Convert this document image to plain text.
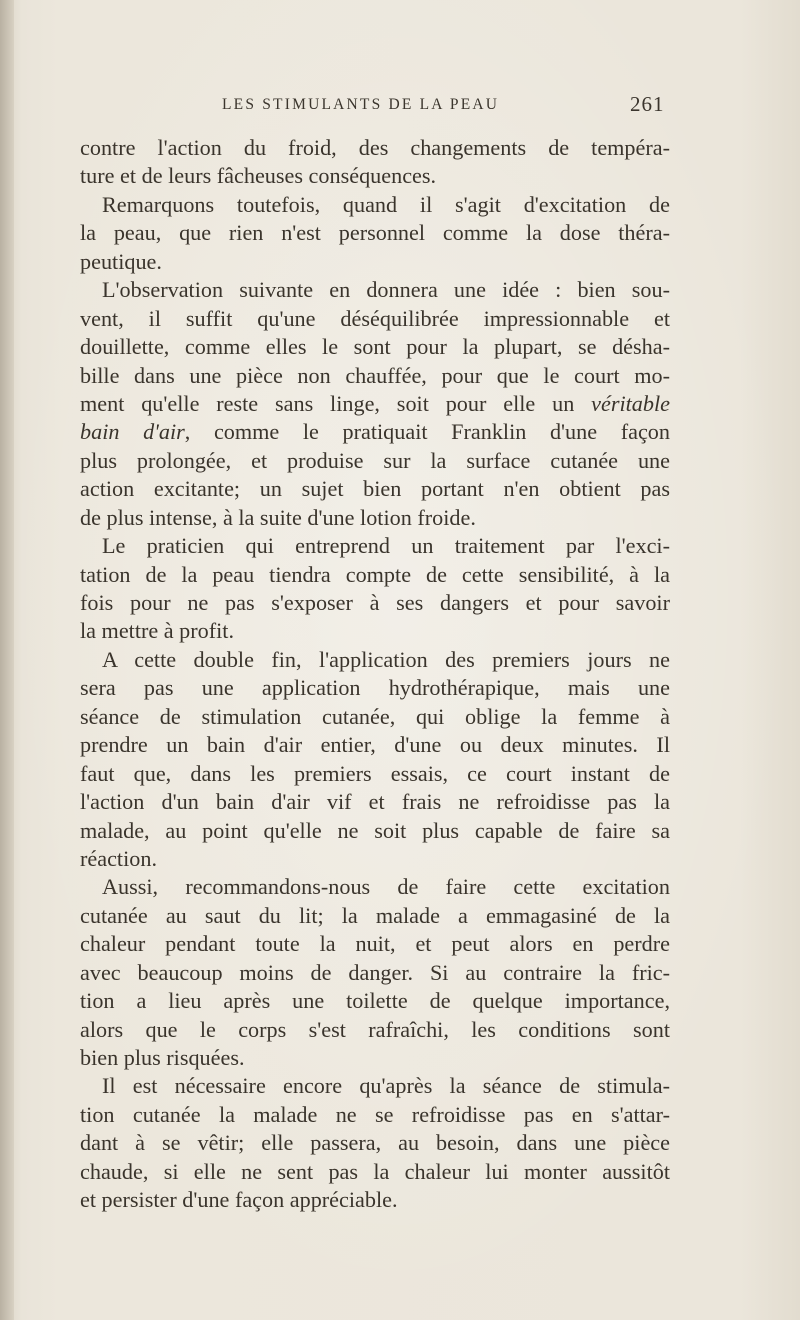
LES STIMULANTS DE LA PEAU	261
contre l'action du froid, des changements de tempéra-
ture et de leurs fâcheuses conséquences.
Remarquons toutefois, quand il s'agit d'excitation de
la peau, que rien n'est personnel comme la dose théra-
peutique.
L'observation suivante en donnera une idée : bien sou-
vent, il suffit qu'une déséquilibrée impressionnable et
douillette, comme elles le sont pour la plupart, se désha-
bille dans une pièce non chauffée, pour que le court mo-
ment qu'elle reste sans linge, soit pour elle un véritable
bain d'air, comme le pratiquait Franklin d'une façon
plus prolongée, et produise sur la surface cutanée une
action excitante; un sujet bien portant n'en obtient pas
de plus intense, à la suite d'une lotion froide.
Le praticien qui entreprend un traitement par l'exci-
tation de la peau tiendra compte de cette sensibilité, à la
fois pour ne pas s'exposer à ses dangers et pour savoir
la mettre à profit.
A cette double fin, l'application des premiers jours ne
sera pas une application hydrothérapique, mais une
séance de stimulation cutanée, qui oblige la femme à
prendre un bain d'air entier, d'une ou deux minutes. Il
faut que, dans les premiers essais, ce court instant de
l'action d'un bain d'air vif et frais ne refroidisse pas la
malade, au point qu'elle ne soit plus capable de faire sa
réaction.
Aussi, recommandons-nous de faire cette excitation
cutanée au saut du lit; la malade a emmagasiné de la
chaleur pendant toute la nuit, et peut alors en perdre
avec beaucoup moins de danger. Si au contraire la fric-
tion a lieu après une toilette de quelque importance,
alors que le corps s'est rafraîchi, les conditions sont
bien plus risquées.
Il est nécessaire encore qu'après la séance de stimula-
tion cutanée la malade ne se refroidisse pas en s'attar-
dant à se vêtir; elle passera, au besoin, dans une pièce
chaude, si elle ne sent pas la chaleur lui monter aussitôt
et persister d'une façon appréciable.
